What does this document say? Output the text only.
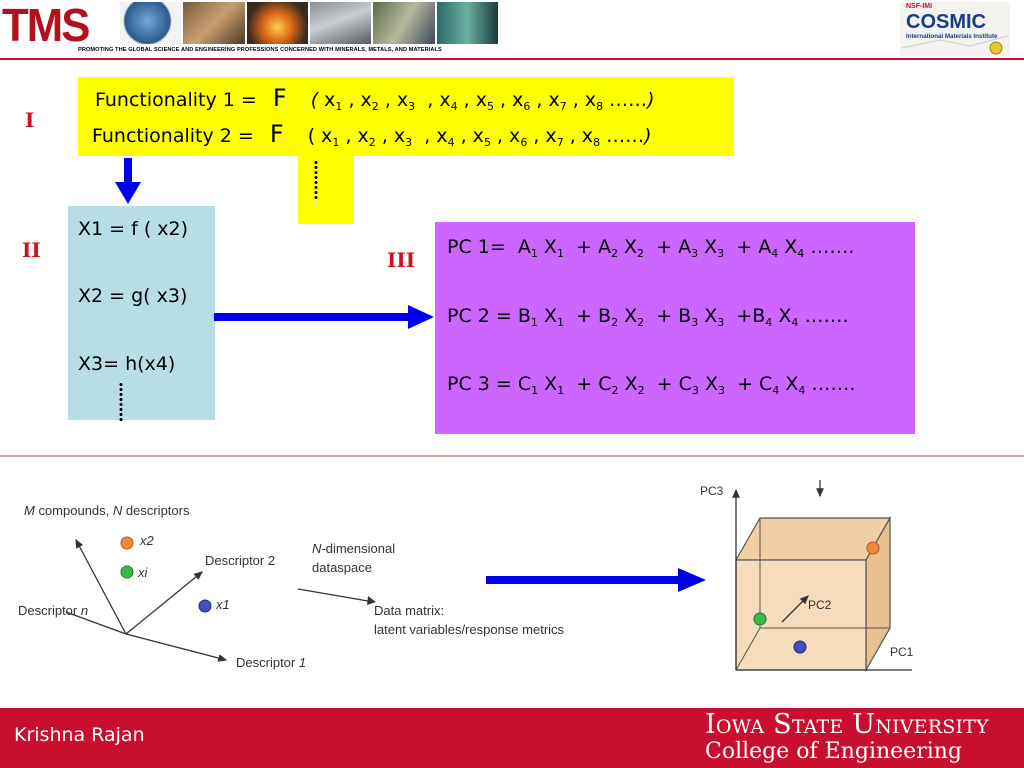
TMS
PROMOTING THE GLOBAL SCIENCE AND ENGINEERING PROFESSIONS CONCERNED WITH MINERALS, METALS, AND MATERIALS
NSF-IMI
COSMIC
International Materials Institute
I
Functionality 1 = F ( $x_1$ , $x_2$ , $x_3$  , $x_4$ , $x_5$ , $x_6$ , $x_7$ , $x_8$ ……)
Functionality 2 = F ( $x_1$ , $x_2$ , $x_3$  , $x_4$ , $x_5$ , $x_6$ , $x_7$ , $x_8$ ……)
II
X1 = f ( x2)
X2 = g( x3)
X3= h(x4)
III
PC $1= A_1$ $X_1 + A_2$ $X_2 + A_3$ $X_3 + A_4$ $X_4$ …….
PC $2 = B_1$ $X_1 + B_2$ $X_2 + B_3$ $X_3 +B_4$ $X_4$ …….
PC $3 = C_1$ $X_1 + C_2$ $X_2 + C_3$ $X_3 + C_4$ $X_4$ …….
M compounds, N descriptors
x2
xi
x1
Descriptor 2
Descriptor n
Descriptor 1
N-dimensional
dataspace
Data matrix:
latent variables/response metrics
PC3
PC2
PC1
Krishna Rajan	Iowa State University
College of Engineering
